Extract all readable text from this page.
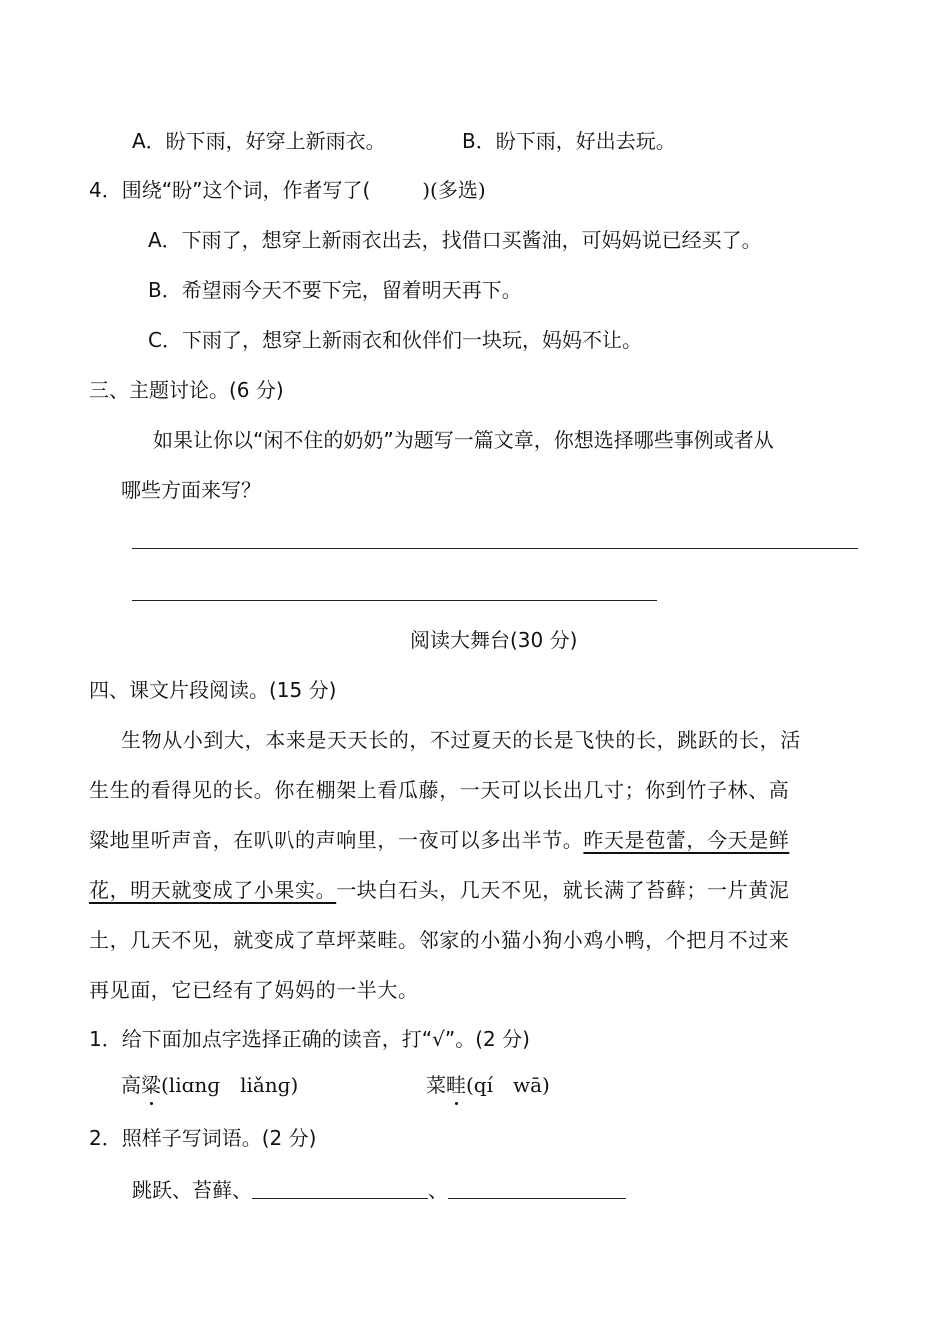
A．盼下雨，好穿上新雨衣。	B．盼下雨，好出去玩。
4．围绕“盼”这个词，作者写了(	)(多选)
A．下雨了，想穿上新雨衣出去，找借口买酱油，可妈妈说已经买了。
B．希望雨今天不要下完，留着明天再下。
C．下雨了，想穿上新雨衣和伙伴们一块玩，妈妈不让。
三、主题讨论。(6 分)
如果让你以“闲不住的奶奶”为题写一篇文章，你想选择哪些事例或者从
哪些方面来写？
阅读大舞台(30 分)
四、课文片段阅读。(15 分)
生物从小到大，本来是天天长的，不过夏天的长是飞快的长，跳跃的长，活
生生的看得见的长。你在棚架上看瓜藤，一天可以长出几寸；你到竹子林、高
粱地里听声音，在叭叭的声响里，一夜可以多出半节。昨天是苞蕾，今天是鲜
花，明天就变成了小果实。一块白石头，几天不见，就长满了苔藓；一片黄泥
土，几天不见，就变成了草坪菜畦。邻家的小猫小狗小鸡小鸭，个把月不过来
再见面，它已经有了妈妈的一半大。
1．给下面加点字选择正确的读音，打“√”。(2 分)
高粱(liɑnɡ　liǎnɡ)	菜畦(qí　wā)
2．照样子写词语。(2 分)
跳跃、苔藓、	、
